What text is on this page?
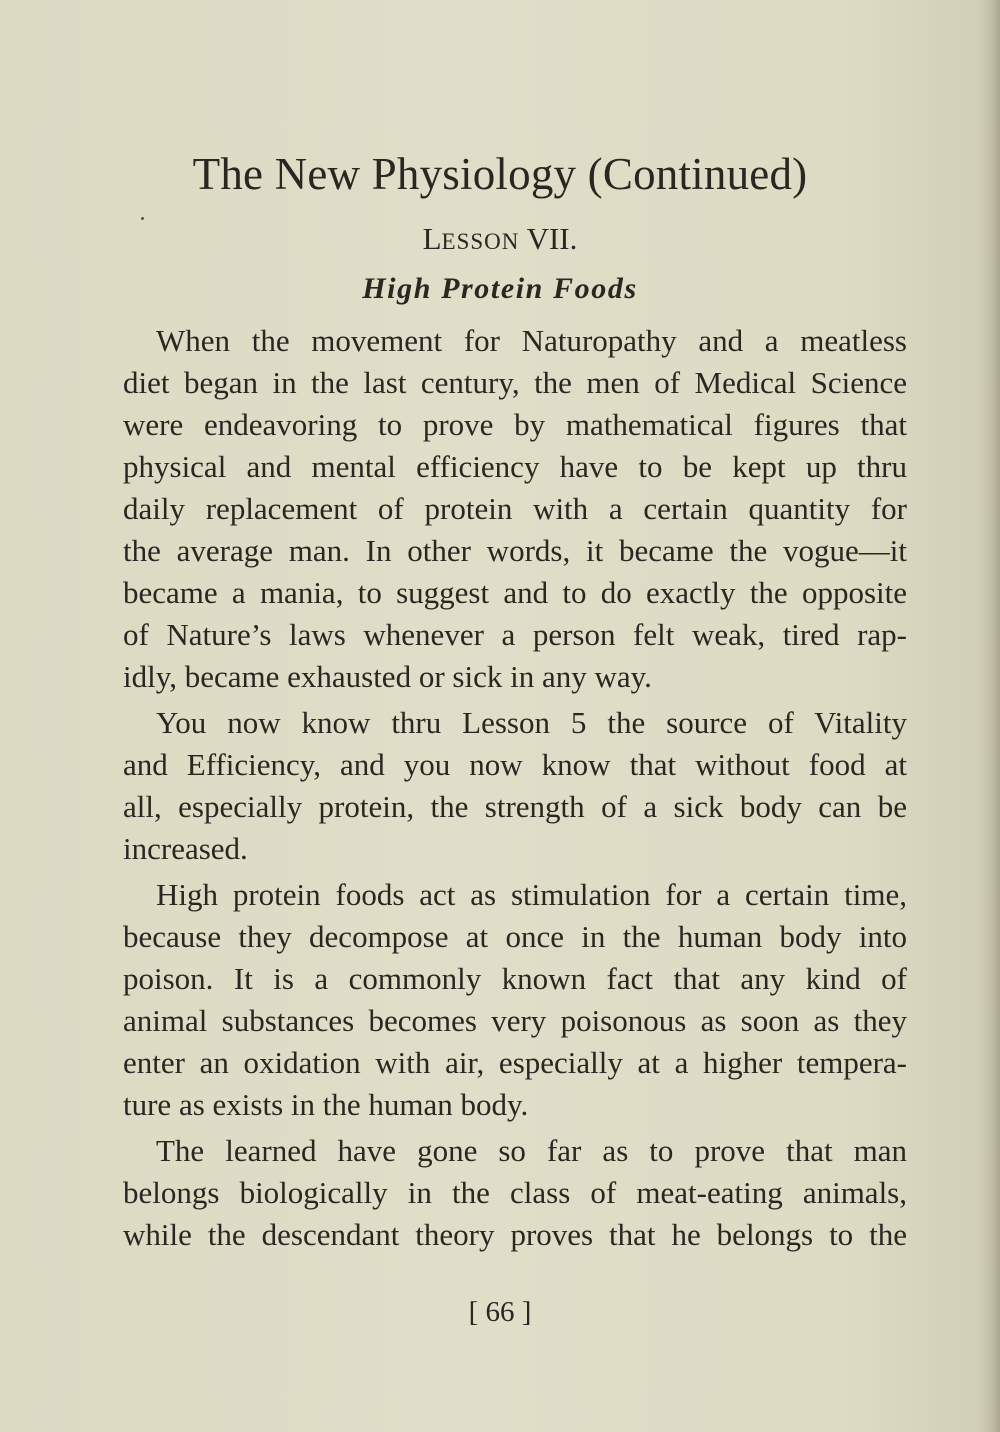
The New Physiology (Continued)
LESSON VII.
High Protein Foods
When the movement for Naturopathy and a meatless
diet began in the last century, the men of Medical Science
were endeavoring to prove by mathematical figures that
physical and mental efficiency have to be kept up thru
daily replacement of protein with a certain quantity for
the average man. In other words, it became the vogue—it
became a mania, to suggest and to do exactly the opposite
of Nature’s laws whenever a person felt weak, tired rap-
idly, became exhausted or sick in any way.
You now know thru Lesson 5 the source of Vitality
and Efficiency, and you now know that without food at
all, especially protein, the strength of a sick body can be
increased.
High protein foods act as stimulation for a certain time,
because they decompose at once in the human body into
poison. It is a commonly known fact that any kind of
animal substances becomes very poisonous as soon as they
enter an oxidation with air, especially at a higher tempera-
ture as exists in the human body.
The learned have gone so far as to prove that man
belongs biologically in the class of meat-eating animals,
while the descendant theory proves that he belongs to the
[ 66 ]
